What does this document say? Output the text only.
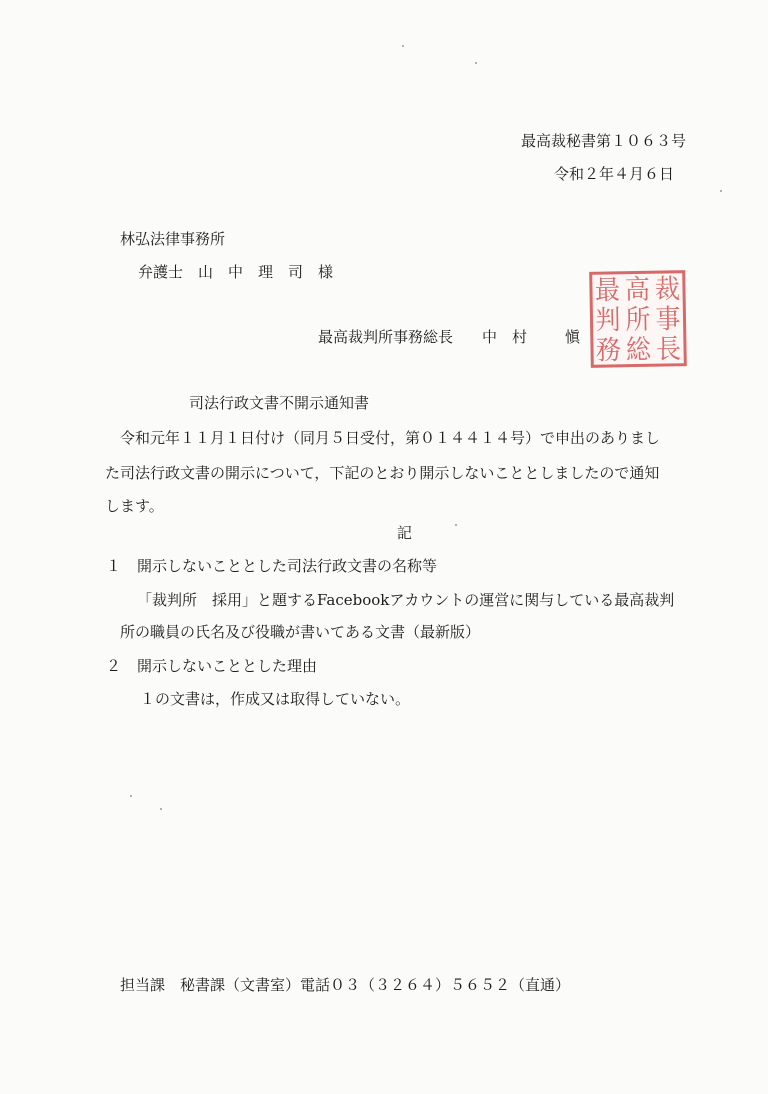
最高裁秘書第１０６３号
令和２年４月６日
林弘法律事務所
弁護士　山　中　理　司　様
最高裁判所事務総長 中　村	愼
最 高 裁
判 所 事
務 総 長
司法行政文書不開示通知書
令和元年１１月１日付け（同月５日受付，第０１４４１４号）で申出のありまし
た司法行政文書の開示について，下記のとおり開示しないこととしましたので通知
します。
記
１ 開示しないこととした司法行政文書の名称等
「裁判所　採用」と題するFacebookアカウントの運営に関与している最高裁判
所の職員の氏名及び役職が書いてある文書（最新版）
２ 開示しないこととした理由
１の文書は，作成又は取得していない。
担当課　秘書課（文書室）電話０３（３２６４）５６５２（直通）
